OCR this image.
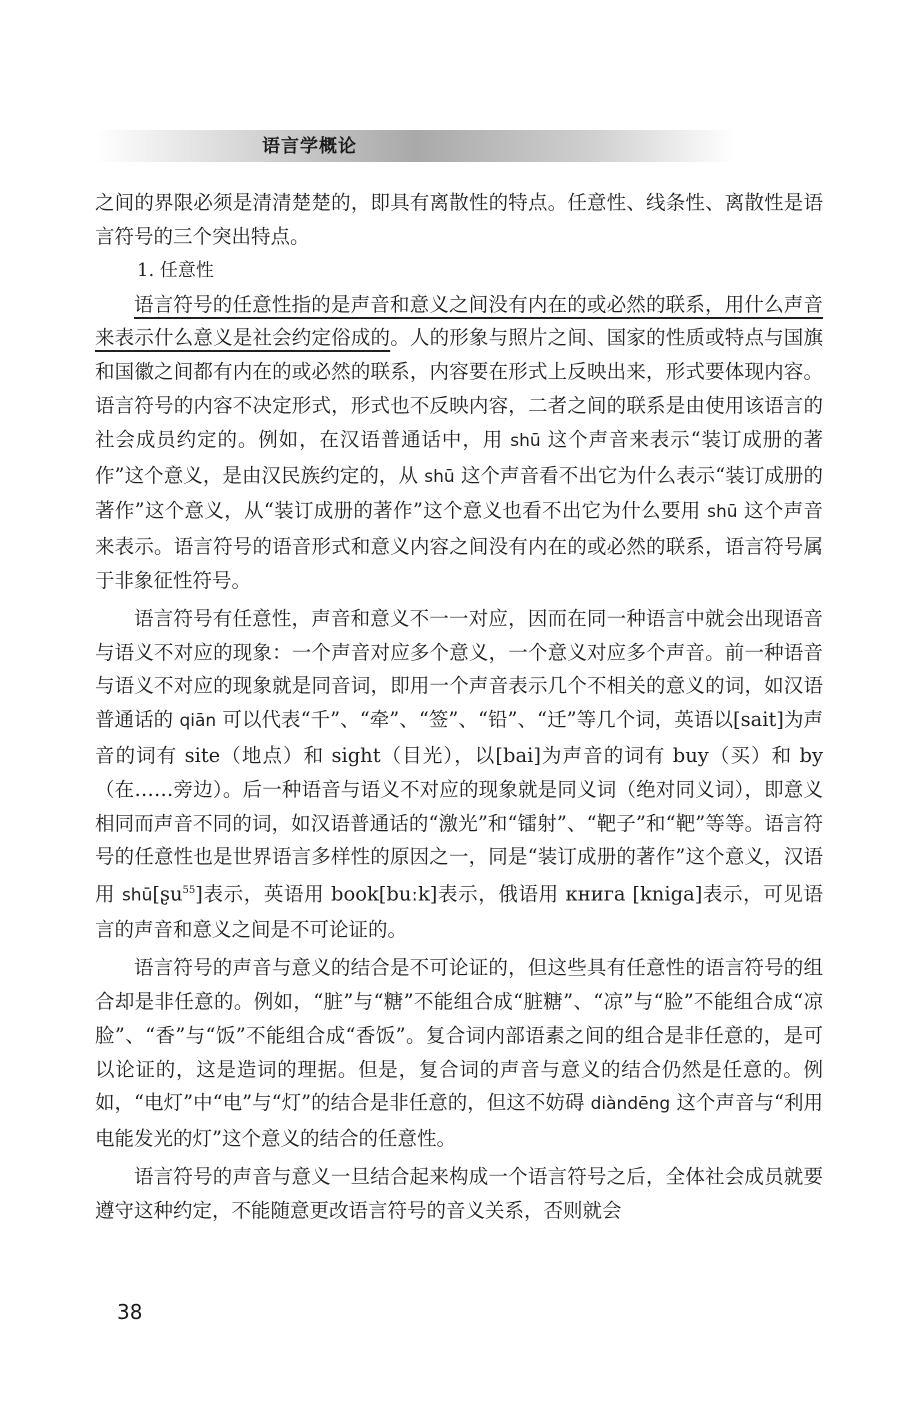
语言学概论

之间的界限必须是清清楚楚的，即具有离散性的特点。任意性、线条性、离散性是语言符号的三个突出特点。

1. 任意性

语言符号的任意性指的是声音和意义之间没有内在的或必然的联系，用什么声音来表示什么意义是社会约定俗成的。人的形象与照片之间、国家的性质或特点与国旗和国徽之间都有内在的或必然的联系，内容要在形式上反映出来，形式要体现内容。语言符号的内容不决定形式，形式也不反映内容，二者之间的联系是由使用该语言的社会成员约定的。例如，在汉语普通话中，用 shū 这个声音来表示“装订成册的著作”这个意义，是由汉民族约定的，从 shū 这个声音看不出它为什么表示“装订成册的著作”这个意义，从“装订成册的著作”这个意义也看不出它为什么要用 shū 这个声音来表示。语言符号的语音形式和意义内容之间没有内在的或必然的联系，语言符号属于非象征性符号。

语言符号有任意性，声音和意义不一一对应，因而在同一种语言中就会出现语音与语义不对应的现象：一个声音对应多个意义，一个意义对应多个声音。前一种语音与语义不对应的现象就是同音词，即用一个声音表示几个不相关的意义的词，如汉语普通话的 qiān 可以代表“千”、“牵”、“签”、“铅”、“迁”等几个词，英语以[sait]为声音的词有 site（地点）和 sight（目光），以[bai]为声音的词有 buy（买）和 by（在……旁边）。后一种语音与语义不对应的现象就是同义词（绝对同义词），即意义相同而声音不同的词，如汉语普通话的“激光”和“镭射”、“靶子”和“靶”等等。语言符号的任意性也是世界语言多样性的原因之一，同是“装订成册的著作”这个意义，汉语用 shū[ʂu$^{55}$]表示，英语用 book[buːk]表示，俄语用 книга [kniga]表示，可见语言的声音和意义之间是不可论证的。

语言符号的声音与意义的结合是不可论证的，但这些具有任意性的语言符号的组合却是非任意的。例如，“脏”与“糖”不能组合成“脏糖”、“凉”与“脸”不能组合成“凉脸”、“香”与“饭”不能组合成“香饭”。复合词内部语素之间的组合是非任意的，是可以论证的，这是造词的理据。但是，复合词的声音与意义的结合仍然是任意的。例如，“电灯”中“电”与“灯”的结合是非任意的，但这不妨碍 diàndēng 这个声音与“利用电能发光的灯”这个意义的结合的任意性。

语言符号的声音与意义一旦结合起来构成一个语言符号之后，全体社会成员就要遵守这种约定，不能随意更改语言符号的音义关系，否则就会

38
